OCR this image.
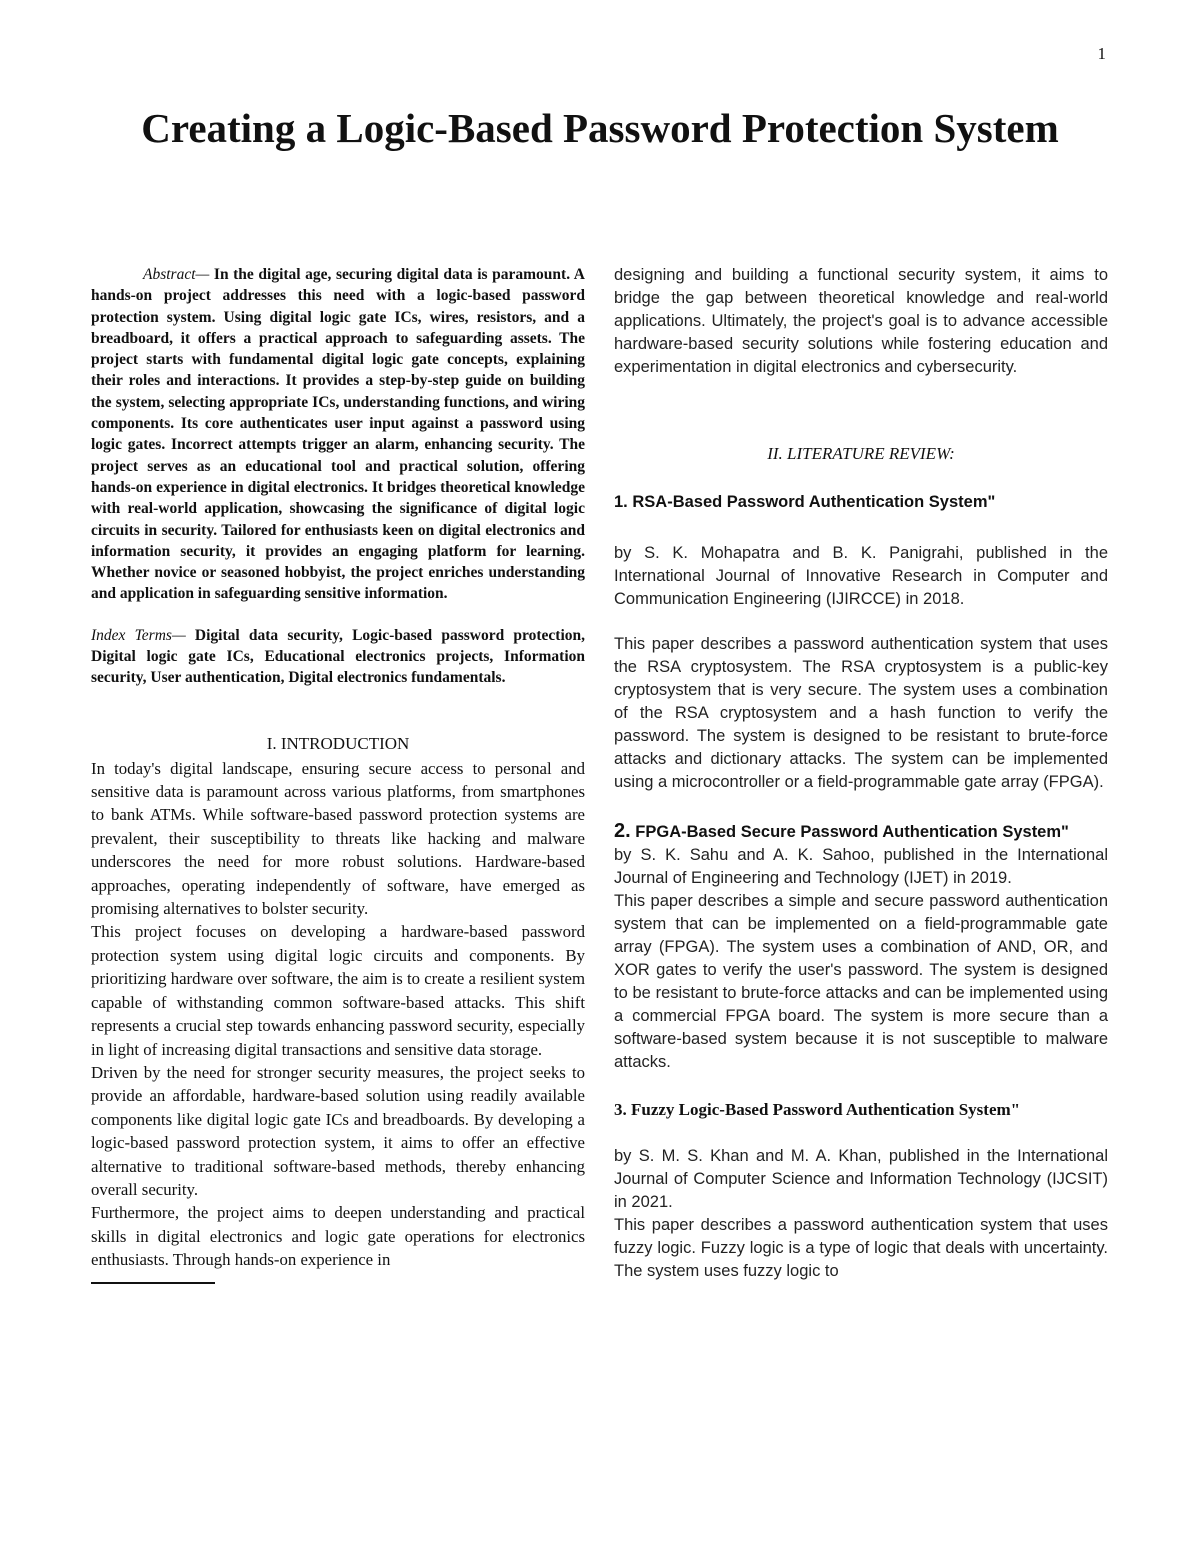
1
Creating a Logic-Based Password Protection System

Abstract— In the digital age, securing digital data is paramount. A hands-on project addresses this need with a logic-based password protection system. Using digital logic gate ICs, wires, resistors, and a breadboard, it offers a practical approach to safeguarding assets. The project starts with fundamental digital logic gate concepts, explaining their roles and interactions. It provides a step-by-step guide on building the system, selecting appropriate ICs, understanding functions, and wiring components. Its core authenticates user input against a password using logic gates. Incorrect attempts trigger an alarm, enhancing security. The project serves as an educational tool and practical solution, offering hands-on experience in digital electronics. It bridges theoretical knowledge with real-world application, showcasing the significance of digital logic circuits in security. Tailored for enthusiasts keen on digital electronics and information security, it provides an engaging platform for learning. Whether novice or seasoned hobbyist, the project enriches understanding and application in safeguarding sensitive information.

Index Terms— Digital data security, Logic-based password protection, Digital logic gate ICs, Educational electronics projects, Information security, User authentication, Digital electronics fundamentals.

I. INTRODUCTION

In today's digital landscape, ensuring secure access to personal and sensitive data is paramount across various platforms, from smartphones to bank ATMs. While software-based password protection systems are prevalent, their susceptibility to threats like hacking and malware underscores the need for more robust solutions. Hardware-based approaches, operating independently of software, have emerged as promising alternatives to bolster security.

This project focuses on developing a hardware-based password protection system using digital logic circuits and components. By prioritizing hardware over software, the aim is to create a resilient system capable of withstanding common software-based attacks. This shift represents a crucial step towards enhancing password security, especially in light of increasing digital transactions and sensitive data storage.

Driven by the need for stronger security measures, the project seeks to provide an affordable, hardware-based solution using readily available components like digital logic gate ICs and breadboards. By developing a logic-based password protection system, it aims to offer an effective alternative to traditional software-based methods, thereby enhancing overall security.

Furthermore, the project aims to deepen understanding and practical skills in digital electronics and logic gate operations for electronics enthusiasts. Through hands-on experience in

designing and building a functional security system, it aims to bridge the gap between theoretical knowledge and real-world applications. Ultimately, the project's goal is to advance accessible hardware-based security solutions while fostering education and experimentation in digital electronics and cybersecurity.

II. LITERATURE REVIEW:

1. RSA-Based Password Authentication System"

by S. K. Mohapatra and B. K. Panigrahi, published in the International Journal of Innovative Research in Computer and Communication Engineering (IJIRCCE) in 2018.

This paper describes a password authentication system that uses the RSA cryptosystem. The RSA cryptosystem is a public-key cryptosystem that is very secure. The system uses a combination of the RSA cryptosystem and a hash function to verify the password. The system is designed to be resistant to brute-force attacks and dictionary attacks. The system can be implemented using a microcontroller or a field-programmable gate array (FPGA).

2. FPGA-Based Secure Password Authentication System"

by S. K. Sahu and A. K. Sahoo, published in the International Journal of Engineering and Technology (IJET) in 2019.

This paper describes a simple and secure password authentication system that can be implemented on a field-programmable gate array (FPGA). The system uses a combination of AND, OR, and XOR gates to verify the user's password. The system is designed to be resistant to brute-force attacks and can be implemented using a commercial FPGA board. The system is more secure than a software-based system because it is not susceptible to malware attacks.

3. Fuzzy Logic-Based Password Authentication System"

by S. M. S. Khan and M. A. Khan, published in the International Journal of Computer Science and Information Technology (IJCSIT) in 2021.

This paper describes a password authentication system that uses fuzzy logic. Fuzzy logic is a type of logic that deals with uncertainty. The system uses fuzzy logic to
